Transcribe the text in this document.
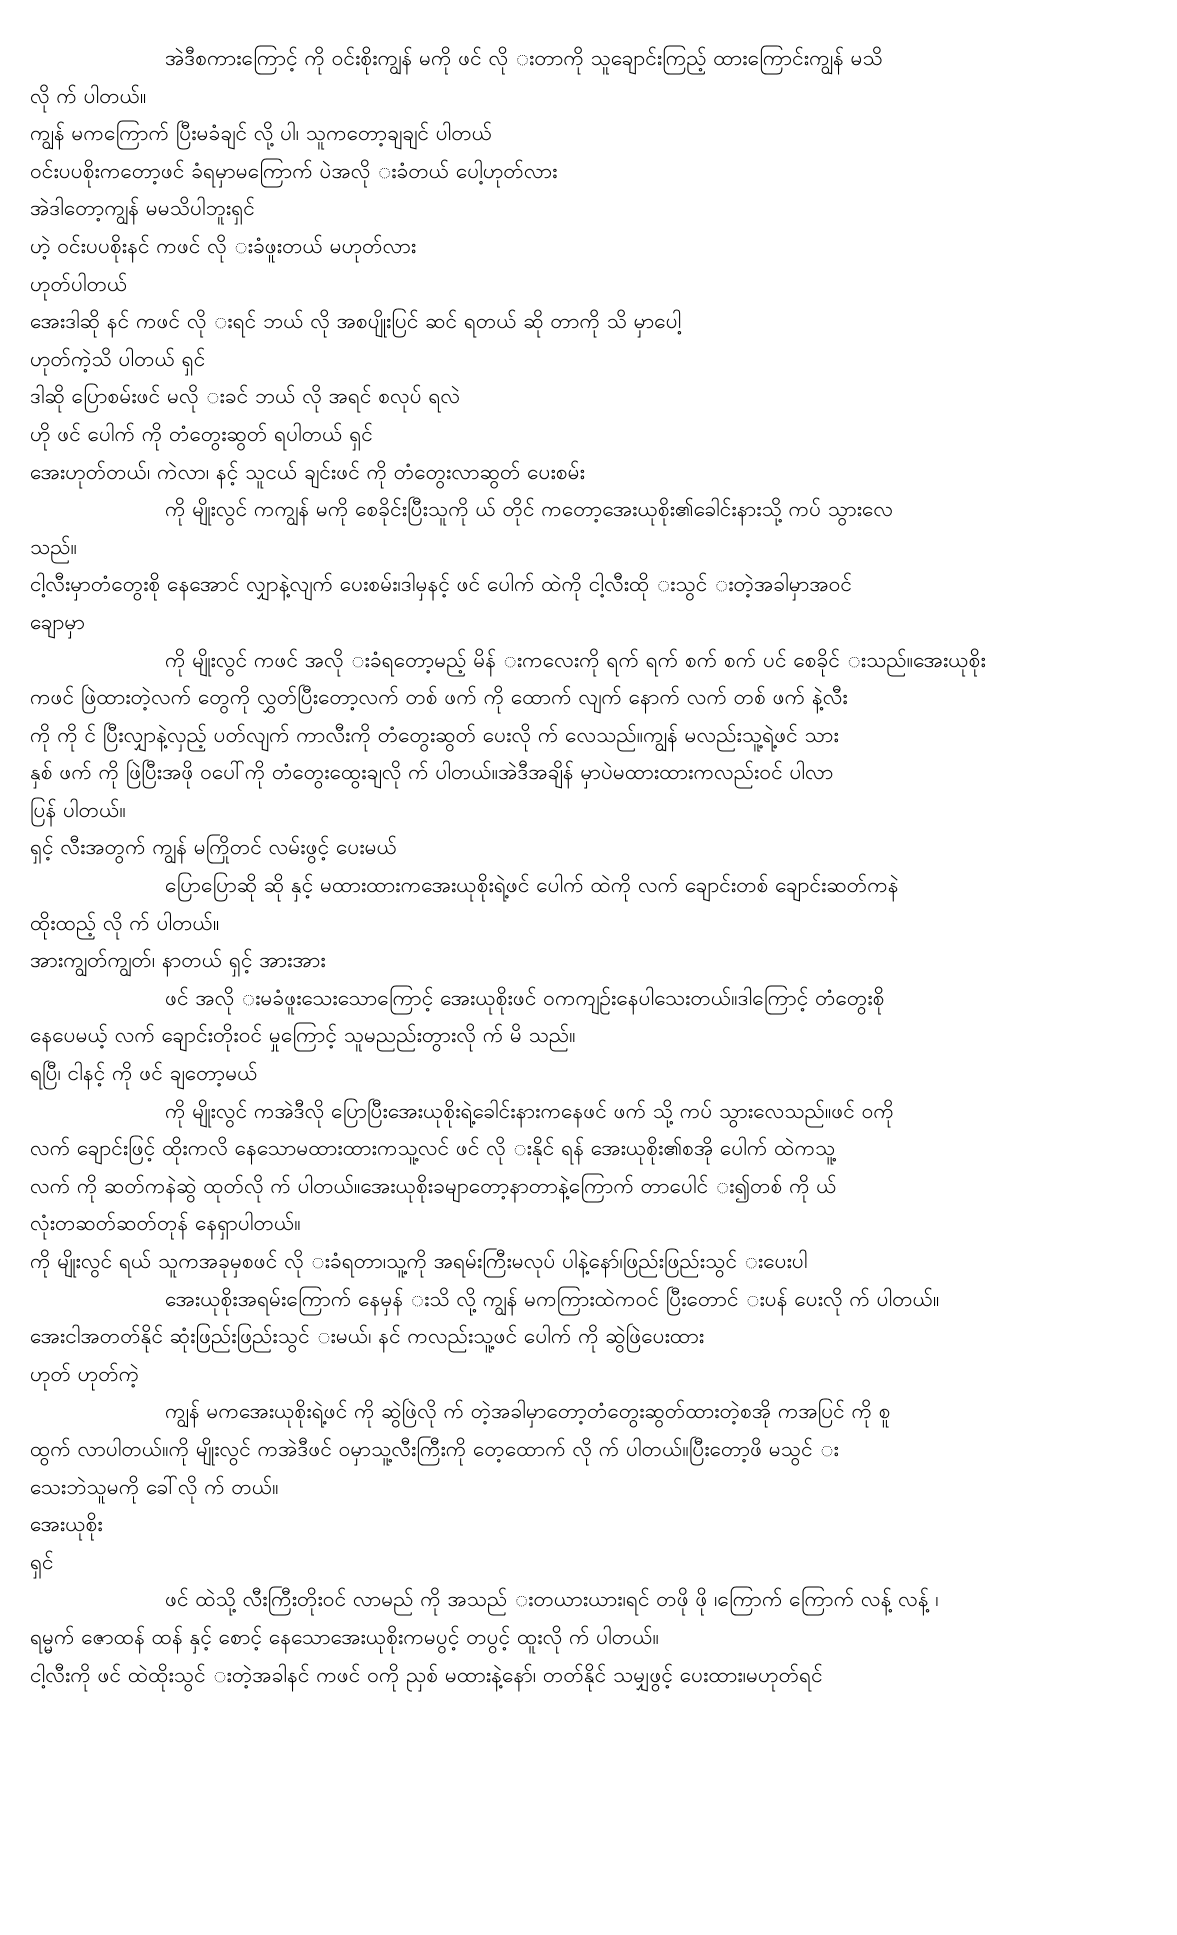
အဲဒီစကားကြောင့် ကို ဝင်းစိုးကျွန် မကို ဖင် လို းတာကို သူချောင်းကြည့် ထားကြောင်းကျွန် မသိ
လို က် ပါတယ်။
ကျွန် မကကြောက် ပြီးမခံချင် လို့ ပါ၊ သူကတော့ချချင် ပါတယ်
ဝင်းပပစိုးကတော့ဖင် ခံရမှာမကြောက် ပဲအလို းခံတယ် ပေါ့ဟုတ်လား
အဲဒါတော့ကျွန် မမသိပါဘူးရှင်
ဟဲ့ ဝင်းပပစိုးနင် ကဖင် လို းခံဖူးတယ် မဟုတ်လား
ဟုတ်ပါတယ်
အေးဒါဆို နင် ကဖင် လို းရင် ဘယ် လို အစပျိုးပြင် ဆင် ရတယ် ဆို တာကို သိ မှာပေါ့
ဟုတ်ကဲ့သိ ပါတယ် ရှင်
ဒါဆို ပြောစမ်းဖင် မလို းခင် ဘယ် လို အရင် စလုပ် ရလဲ
ဟို ဖင် ပေါက် ကို တံတွေးဆွတ် ရပါတယ် ရှင်
အေးဟုတ်တယ်၊ ကဲလာ၊ နင့် သူငယ် ချင်းဖင် ကို တံတွေးလာဆွတ် ပေးစမ်း
ကို မျိုးလွင် ကကျွန် မကို စေခိုင်းပြီးသူကို ယ် တိုင် ကတော့အေးယုစိုး၏ခေါင်းနားသို့ ကပ် သွားလေ
သည်။
ငါ့လီးမှာတံတွေးစို နေအောင် လျှာနဲ့လျက် ပေးစမ်း၊ဒါမှနင့် ဖင် ပေါက် ထဲကို ငါ့လီးထို းသွင် းတဲ့အခါမှာအဝင်
ချောမှာ
ကို မျိုးလွင် ကဖင် အလို းခံရတော့မည့် မိန် းကလေးကို ရက် ရက် စက် စက် ပင် စေခိုင် းသည်။အေးယုစိုး
ကဖင် ဖြဲထားတဲ့လက် တွေကို လွှတ်ပြီးတော့လက် တစ် ဖက် ကို ထောက် လျက် နောက် လက် တစ် ဖက် နဲ့လီး
ကို ကို င် ပြီးလျှာနဲ့လှည့် ပတ်လျက် ကာလီးကို တံတွေးဆွတ် ပေးလို က် လေသည်။ကျွန် မလည်းသူ့ရဲ့ဖင် သား
နှစ် ဖက် ကို ဖြဲပြီးအဖို ဝပေါ်ကို တံတွေးထွေးချလို က် ပါတယ်။အဲဒီအချိန် မှာပဲမထားထားကလည်းဝင် ပါလာ
ပြန် ပါတယ်။
ရှင့် လီးအတွက် ကျွန် မကြိုတင် လမ်းဖွင့် ပေးမယ်
ပြောပြောဆို ဆို နှင့် မထားထားကအေးယုစိုးရဲ့ဖင် ပေါက် ထဲကို လက် ချောင်းတစ် ချောင်းဆတ်ကနဲ
ထိုးထည့် လို က် ပါတယ်။
အားကျွတ်ကျွတ်၊ နာတယ် ရှင့် အားအား
ဖင် အလို းမခံဖူးသေးသောကြောင့် အေးယုစိုးဖင် ဝကကျဉ်းနေပါသေးတယ်။ဒါကြောင့် တံတွေးစို
နေပေမယ့် လက် ချောင်းတိုးဝင် မှုကြောင့် သူမညည်းတွားလို က် မိ သည်။
ရပြီ၊ ငါနင့် ကို ဖင် ချတော့မယ်
ကို မျိုးလွင် ကအဲဒီလို ပြောပြီးအေးယုစိုးရဲ့ခေါင်းနားကနေဖင် ဖက် သို့ ကပ် သွားလေသည်။ဖင် ဝကို
လက် ချောင်းဖြင့် ထိုးကလိ နေသောမထားထားကသူ့လင် ဖင် လို းနိုင် ရန် အေးယုစိုး၏စအို ပေါက် ထဲကသူ့
လက် ကို ဆတ်ကနဲဆွဲ ထုတ်လို က် ပါတယ်။အေးယုစိုးခမျာတော့နာတာနဲ့ကြောက် တာပေါင် း၍တစ် ကို ယ်
လုံးတဆတ်ဆတ်တုန် နေရှာပါတယ်။
ကို မျိုးလွင် ရယ် သူကအခုမှစဖင် လို းခံရတာ၊သူ့ကို အရမ်းကြီးမလုပ် ပါနဲ့နော်၊ဖြည်းဖြည်းသွင် းပေးပါ
အေးယုစိုးအရမ်းကြောက် နေမှန် းသိ လို့ ကျွန် မကကြားထဲကဝင် ပြီးတောင် းပန် ပေးလို က် ပါတယ်။
အေးငါအတတ်နိုင် ဆုံးဖြည်းဖြည်းသွင် းမယ်၊ နင် ကလည်းသူ့ဖင် ပေါက် ကို ဆွဲဖြဲပေးထား
ဟုတ် ဟုတ်ကဲ့
ကျွန် မကအေးယုစိုးရဲ့ဖင် ကို ဆွဲဖြဲလို က် တဲ့အခါမှာတော့တံတွေးဆွတ်ထားတဲ့စအို ကအပြင် ကို စူ
ထွက် လာပါတယ်။ကို မျိုးလွင် ကအဲဒီဖင် ဝမှာသူ့လီးကြီးကို တေ့ထောက် လို က် ပါတယ်။ပြီးတော့ဖိ မသွင် း
သေးဘဲသူမကို ခေါ်လို က် တယ်။
အေးယုစိုး
ရှင်
ဖင် ထဲသို့ လီးကြီးတိုးဝင် လာမည် ကို အသည် းတယားယား၊ရင် တဖို ဖို ၊ကြောက် ကြောက် လန့် လန့် ၊
ရမ္မက် ဇောထန် ထန် နှင့် စောင့် နေသောအေးယုစိုးကမပွင့် တပွင့် ထူးလို က် ပါတယ်။
ငါ့လီးကို ဖင် ထဲထိုးသွင် းတဲ့အခါနင် ကဖင် ဝကို ညှစ် မထားနဲ့နော်၊ တတ်နိုင် သမျှဖွင့် ပေးထား၊မဟုတ်ရင်
